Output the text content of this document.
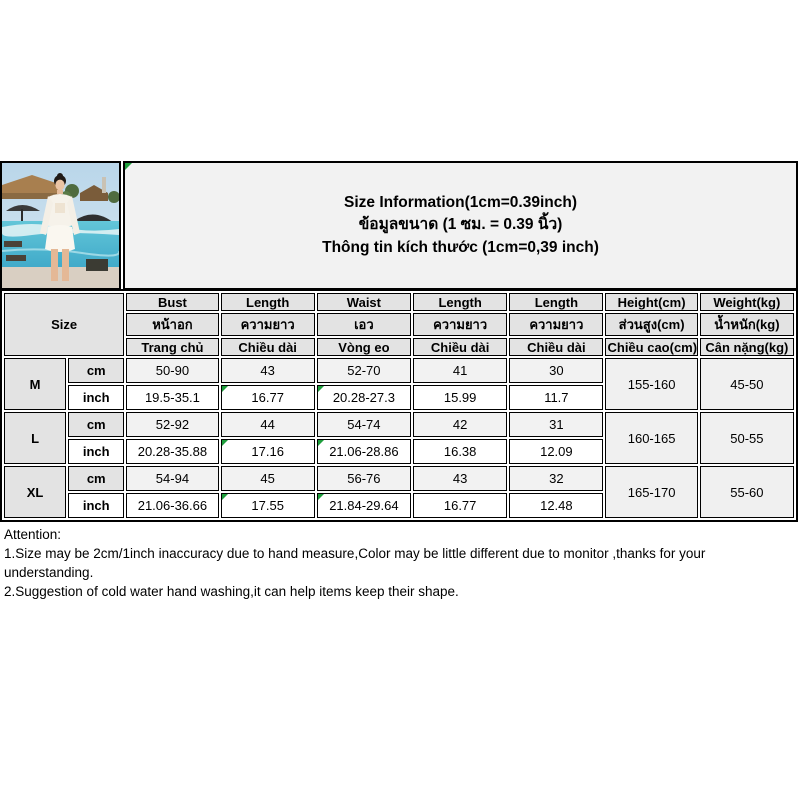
Size Information(1cm=0.39inch)
ข้อมูลขนาด (1 ซม. = 0.39 นิ้ว)
Thông tin kích thước (1cm=0,39 inch)
Size		Bust	Length	Waist	Length	Length	Height(cm)	Weight(kg)
		หน้าอก	ความยาว	เอว	ความยาว	ความยาว	ส่วนสูง(cm)	น้ำหนัก(kg)
		Trang chủ	Chiều dài	Vòng eo	Chiều dài	Chiều dài	Chiều cao(cm)	Cân nặng(kg)
M	cm	50-90	43	52-70	41	30	155-160	45-50
	inch	19.5-35.1	16.77	20.28-27.3	15.99	11.7		
L	cm	52-92	44	54-74	42	31	160-165	50-55
	inch	20.28-35.88	17.16	21.06-28.86	16.38	12.09		
XL	cm	54-94	45	56-76	43	32	165-170	55-60
	inch	21.06-36.66	17.55	21.84-29.64	16.77	12.48		
Attention:
1.Size may be 2cm/1inch inaccuracy due to hand measure,Color may be little different due to monitor ,thanks for your understanding.
2.Suggestion of cold water hand washing,it can help items keep their shape.
